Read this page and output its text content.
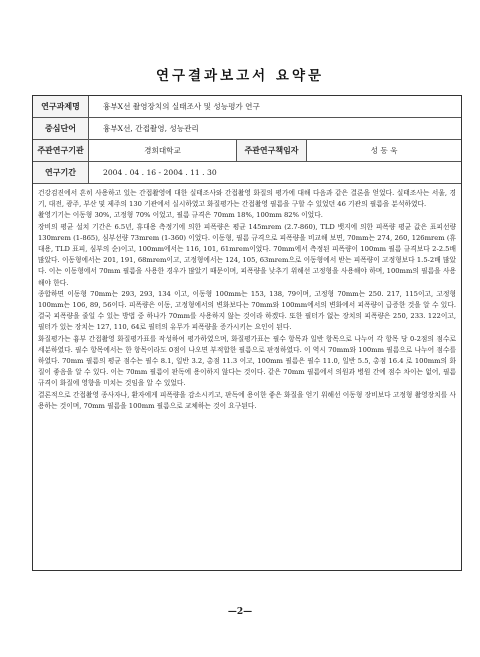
연구결과보고서 요약문
연구과제명	흉부X선 촬영장치의 실태조사 및 성능평가 연구
중심단어	흉부X선, 간접촬영, 성능관리
주관연구기관	경희대학교	주관연구책임자	성 동 욱
연구기간	2004 . 04 . 16 - 2004 . 11 . 30

건강검진에서 흔히 사용하고 있는 간접촬영에 대한 실태조사와 간접촬영 화질의 평가에 대해 다음과 같은 결론을 얻었다. 실태조사는 서울, 경기, 대전, 광주, 부산 및 제주의 130 기관에서 실시하였고 화질평가는 간접촬영 필름을 구할 수 있었던 46 기관의 필름을 분석하였다.

촬영기기는 이동형 30%, 고정형 70% 이었고, 필름 규격은 70mm 18%, 100mm 82% 이었다.

장비의 평균 설치 기간은 6.5년, 휴대용 측정기에 의한 피폭량은 평균 145mrem (2.7-860), TLD 뱃지에 의한 피폭량 평균 값은 표피선량 130mrem (1-865), 심부선량 73mrem (1-360) 이었다. 이동형, 필름 규격으로 피폭량을 비교해 보면, 70mm는 274, 260, 126mrem (휴대용, TLD 표피, 심부의 순)이고, 100mm에서는 116, 101, 61mrem이었다. 70mm에서 측정된 피폭량이 100mm 필름 규격보다 2-2.5배 많았다. 이동형에서는 201, 191, 68mrem이고, 고정형에서는 124, 105, 63mrem으로 이동형에서 받는 피폭량이 고정형보다 1.5-2배 많았다. 이는 이동형에서 70mm 필름을 사용한 경우가 많았기 때문이며, 피폭량을 낮추기 위해선 고정형을 사용해야 하며, 100mm의 필름을 사용해야 한다.

종합하면 이동형 70mm는 293, 293, 134 이고, 이동형 100mm는 153, 138, 79이며, 고정형 70mm는 250. 217, 115이고, 고정형 100mm는 106, 89, 56이다. 피폭량은 이동, 고정형에서의 변화보다는 70mm와 100mm에서의 변화에서 피폭량이 급증한 것을 알 수 있다. 결국 피폭량을 줄일 수 있는 방법 중 하나가 70mm를 사용하지 않는 것이라 하겠다. 또한 필터가 없는 장치의 피폭량은 250, 233. 122이고, 필터가 있는 장치는 127, 110, 64로 필터의 유무가 피폭량을 증가시키는 요인이 된다.

화질평가는 흉부 간접촬영 화질평가표를 작성하여 평가하였으며, 화질평가표는 필수 항목과 일반 항목으로 나누어 각 항목 당 0-2점의 점수로 세분하였다. 필수 항목에서는 한 항목이라도 0점이 나오면 부적합한 필름으로 판정하였다. 이 역시 70mm와 100mm 필름으로 나누어 점수를 하였다. 70mm 필름의 평균 점수는 필수 8.1, 일반 3.2, 총점 11.3 이고, 100mm 필름은 필수 11.0, 일반 5.5, 총점 16.4 로 100mm의 화질이 좋음을 알 수 있다. 이는 70mm 필름이 판독에 용이하지 않다는 것이다. 같은 70mm 필름에서 의원과 병원 간에 점수 차이는 없어, 필름 규격이 화질에 영향을 미치는 것임을 알 수 있었다.

결론적으로 간접촬영 종사자나, 환자에게 피폭량을 감소시키고, 판독에 용이한 좋은 화질을 얻기 위해선 이동형 장비보다 고정형 촬영장치를 사용하는 것이며, 70mm 필름을 100mm 필름으로 교체하는 것이 요구된다.

—2—
